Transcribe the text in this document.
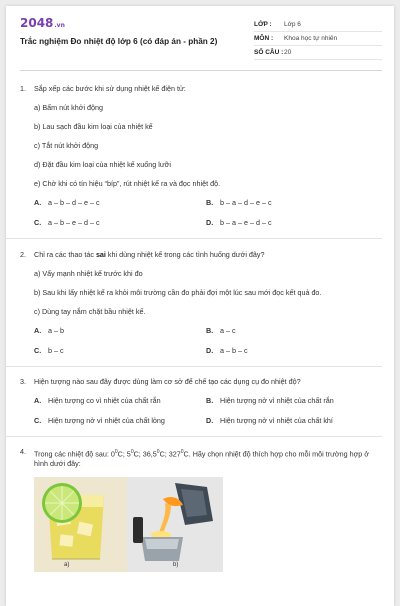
2048.vn
Trắc nghiệm Đo nhiệt độ lớp 6 (có đáp án - phần 2)
LỚP :	Lớp 6
MÔN :	Khoa học tự nhiên
SỐ CÂU : 20
1. Sắp xếp các bước khi sử dụng nhiệt kế điện tử:
a) Bấm nút khởi động
b) Lau sạch đầu kim loại của nhiệt kế
c) Tắt nút khởi động
d) Đặt đầu kim loại của nhiệt kế xuống lưỡi
e) Chờ khi có tín hiệu “bíp”, rút nhiệt kế ra và đọc nhiệt độ.
A. a – b – d – e – c	B. b – a – d – e – c
C. a – b – e – d – c	D. b – a – e – d – c
2. Chỉ ra các thao tác sai khi dùng nhiệt kế trong các tình huống dưới đây?
a) Vẩy mạnh nhiệt kế trước khi đo
b) Sau khi lấy nhiệt kế ra khỏi môi trường cần đo phải đợi một lúc sau mới đọc kết quả đo.
c) Dùng tay nắm chặt bầu nhiệt kế.
A. a – b	B. a – c
C. b – c	D. a – b – c
3. Hiện tượng nào sau đây được dùng làm cơ sở để chế tạo các dụng cụ đo nhiệt độ?
A. Hiện tượng co vì nhiệt của chất rắn	B. Hiện tượng nở vì nhiệt của chất rắn
C. Hiện tượng nở vì nhiệt của chất lỏng	D. Hiện tượng nở vì nhiệt của chất khí
4. Trong các nhiệt độ sau: $0^0C$; $5^0C$; 36,5$^0$C; $327^0C$. Hãy chọn nhiệt độ thích hợp cho mỗi môi trường hợp ở hình dưới đây:
a)	b)
